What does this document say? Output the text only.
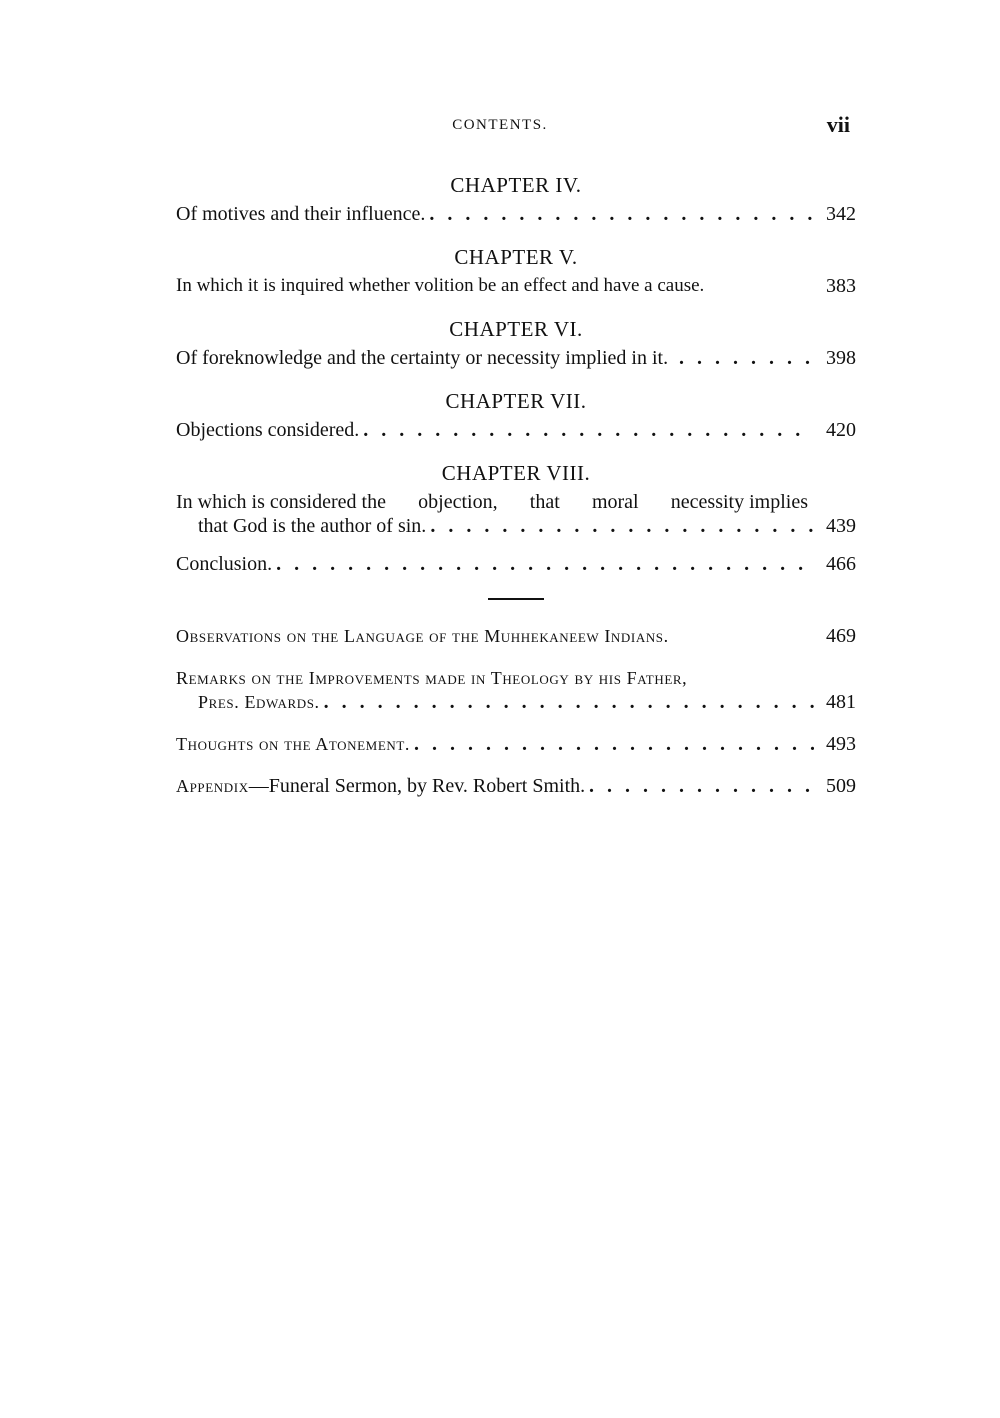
CONTENTS.	vii
CHAPTER IV.
Of motives and their influence. . . .	342
CHAPTER V.
In which it is inquired whether volition be an effect and have a cause.	383
CHAPTER VI.
Of foreknowledge and the certainty or necessity implied in it. . . .	398
CHAPTER VII.
Objections considered. . . .	420
CHAPTER VIII.
In which is considered the objection, that moral necessity implies
that God is the author of sin. . . .	439
Conclusion. . . .	466
Observations on the Language of the Muhhekaneew Indians.	469
Remarks on the Improvements made in Theology by his Father,
Pres. Edwards. . . .	481
Thoughts on the Atonement. . . .	493
Appendix—Funeral Sermon, by Rev. Robert Smith. . . .	509
